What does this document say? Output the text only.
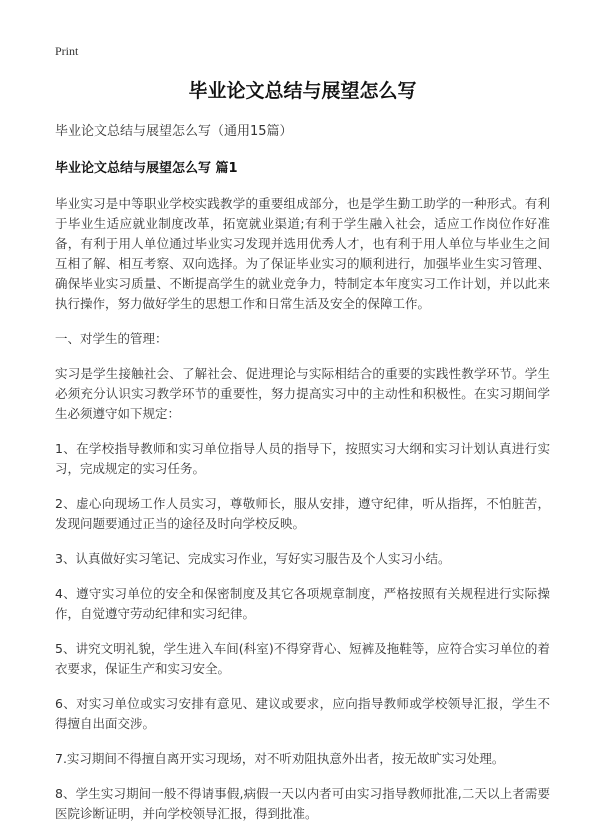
Print
毕业论文总结与展望怎么写
毕业论文总结与展望怎么写（通用15篇）
毕业论文总结与展望怎么写 篇1

毕业实习是中等职业学校实践教学的重要组成部分，也是学生勤工助学的一种形式。有利于毕业生适应就业制度改革，拓宽就业渠道;有利于学生融入社会，适应工作岗位作好准备，有利于用人单位通过毕业实习发现并选用优秀人才，也有利于用人单位与毕业生之间互相了解、相互考察、双向选择。为了保证毕业实习的顺利进行，加强毕业生实习管理、确保毕业实习质量、不断提高学生的就业竞争力，特制定本年度实习工作计划，并以此来执行操作，努力做好学生的思想工作和日常生活及安全的保障工作。

一、对学生的管理：

实习是学生接触社会、了解社会、促进理论与实际相结合的重要的实践性教学环节。学生必须充分认识实习教学环节的重要性，努力提高实习中的主动性和积极性。在实习期间学生必须遵守如下规定：

1、在学校指导教师和实习单位指导人员的指导下，按照实习大纲和实习计划认真进行实习，完成规定的实习任务。

2、虚心向现场工作人员实习，尊敬师长，服从安排，遵守纪律，听从指挥，不怕脏苦，发现问题要通过正当的途径及时向学校反映。

3、认真做好实习笔记、完成实习作业，写好实习服告及个人实习小结。

4、遵守实习单位的安全和保密制度及其它各项规章制度，严格按照有关规程进行实际操作，自觉遵守劳动纪律和实习纪律。

5、讲究文明礼貌，学生进入车间(科室)不得穿背心、短裤及拖鞋等，应符合实习单位的着衣要求，保证生产和实习安全。

6、对实习单位或实习安排有意见、建议或要求，应向指导教师或学校领导汇报，学生不得擅自出面交涉。

7.实习期间不得擅自离开实习现场，对不听劝阻执意外出者，按无故旷实习处理。

8、学生实习期间一般不得请事假,病假一天以内者可由实习指导教师批准,二天以上者需要医院诊断证明，并向学校领导汇报，得到批准。
